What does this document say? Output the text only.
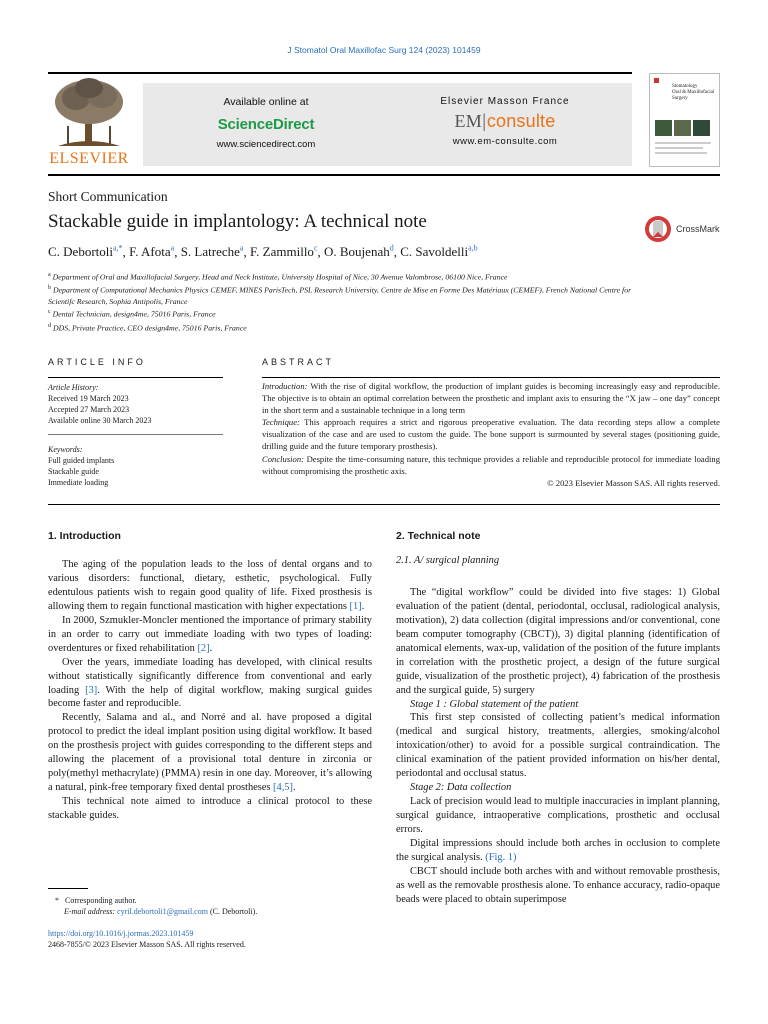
J Stomatol Oral Maxillofac Surg 124 (2023) 101459
ELSEVIER
Available online at
ScienceDirect
www.sciencedirect.com
Elsevier Masson France
EM|consulte
www.em-consulte.com
Stomatology
Oral & Maxillofacial
Surgery
Short Communication
Stackable guide in implantology: A technical note	CrossMark
C. Debortoli$^{a,*}$, F. Afota$^a$, S. Latreche$^a$, F. Zammillo$^c$, O. Boujenah$^d$, C. Savoldelli$^{a,b}$
$^a$ Department of Oral and Maxillofacial Surgery, Head and Neck Institute, University Hospital of Nice, 30 Avenue Valombrose, 06100 Nice, France
$^b$ Department of Computational Mechanics Physics CEMEF, MINES ParisTech, PSL Research University, Centre de Mise en Forme Des Matériaux (CEMEF), French National Centre for Scientifc Research, Sophia Antipolis, France
$^c$ Dental Technician, design4me, 75016 Paris, France
$^d$ DDS, Private Practice, CEO design4me, 75016 Paris, France
ARTICLE INFO	ABSTRACT
Article History:
Received 19 March 2023
Accepted 27 March 2023
Available online 30 March 2023
Keywords:
Full guided implants
Stackable guide
Immediate loading
Introduction: With the rise of digital workflow, the production of implant guides is becoming increasingly easy and reproducible. The objective is to obtain an optimal correlation between the prosthetic and implant axis to ensuring the “X jaw – one day” concept in the short term and a sustainable technique in a long term
Technique: This approach requires a strict and rigorous preoperative evaluation. The data recording steps allow a complete visualization of the case and are used to custom the guide. The bone support is surmounted by several stages (positioning guide, drilling guide and the future temporary prosthesis).
Conclusion: Despite the time-consuming nature, this technique provides a reliable and reproducible protocol for immediate loading without compromising the prosthetic axis.
© 2023 Elsevier Masson SAS. All rights reserved.
1. Introduction

The aging of the population leads to the loss of dental organs and to various disorders: functional, dietary, esthetic, psychological. Fully edentulous patients wish to regain good quality of life. Fixed prosthesis is allowing them to regain functional mastication with higher expectations [1].

In 2000, Szmukler-Moncler mentioned the importance of primary stability in an order to carry out immediate loading with two types of loading: overdentures or fixed rehabilitation [2].

Over the years, immediate loading has developed, with clinical results without statistically significantly difference from conventional and early loading [3]. With the help of digital workflow, making surgical guides become faster and reproducible.

Recently, Salama and al., and Norré and al. have proposed a digital protocol to predict the ideal implant position using digital workflow. It based on the prosthesis project with guides corresponding to the different steps and allowing the placement of a provisional total denture in zirconia or poly(methyl methacrylate) (PMMA) resin in one day. Moreover, it’s allowing a natural, pink-free temporary fixed dental prostheses [4,5].

This technical note aimed to introduce a clinical protocol to these stackable guides.

2. Technical note
2.1. A/ surgical planning

The “digital workflow” could be divided into five stages: 1) Global evaluation of the patient (dental, periodontal, occlusal, radiological analysis, motivation), 2) data collection (digital impressions and/or conventional, cone beam computer tomography (CBCT)), 3) digital planning (identification of anatomical elements, wax-up, validation of the position of the future implants in correlation with the prosthetic project, a design of the future surgical guide, visualization of the prosthetic project), 4) fabrication of the prosthesis and the surgical guide, 5) surgery

Stage 1 : Global statement of the patient

This first step consisted of collecting patient’s medical information (medical and surgical history, treatments, allergies, smoking/alcohol intoxication/other) to avoid for a possible surgical contraindication. The clinical examination of the patient provided information on his/her dental, periodontal and occlusal status.

Stage 2: Data collection

Lack of precision would lead to multiple inaccuracies in implant planning, surgical guidance, intraoperative complications, prosthetic and occlusal errors.

Digital impressions should include both arches in occlusion to complete the surgical analysis. (Fig. 1)

CBCT should include both arches with and without removable prosthesis, as well as the removable prosthesis alone. To enhance accuracy, radio-opaque beads were placed to obtain superimpose

* Corresponding author.
E-mail address: cyril.debortoli1@gmail.com (C. Debortoli).
https://doi.org/10.1016/j.jormas.2023.101459
2468-7855/© 2023 Elsevier Masson SAS. All rights reserved.
